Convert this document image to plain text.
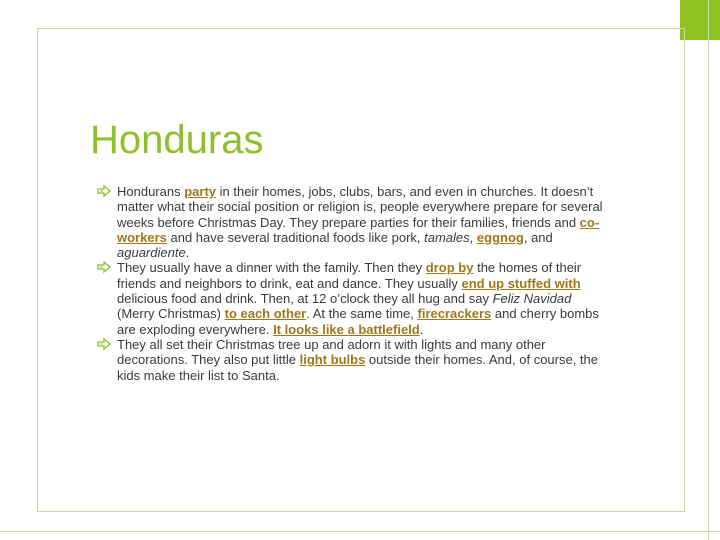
Honduras
Hondurans party in their homes, jobs, clubs, bars, and even in churches. It doesn’t matter what their social position or religion is, people everywhere prepare for several weeks before Christmas Day. They prepare parties for their families, friends and co-workers and have several traditional foods like pork, tamales, eggnog, and aguardiente.
They usually have a dinner with the family. Then they drop by the homes of their friends and neighbors to drink, eat and dance. They usually end up stuffed with delicious food and drink. Then, at 12 o’clock they all hug and say Feliz Navidad (Merry Christmas) to each other. At the same time, firecrackers and cherry bombs are exploding everywhere. It looks like a battlefield.
They all set their Christmas tree up and adorn it with lights and many other decorations. They also put little light bulbs outside their homes. And, of course, the kids make their list to Santa.
